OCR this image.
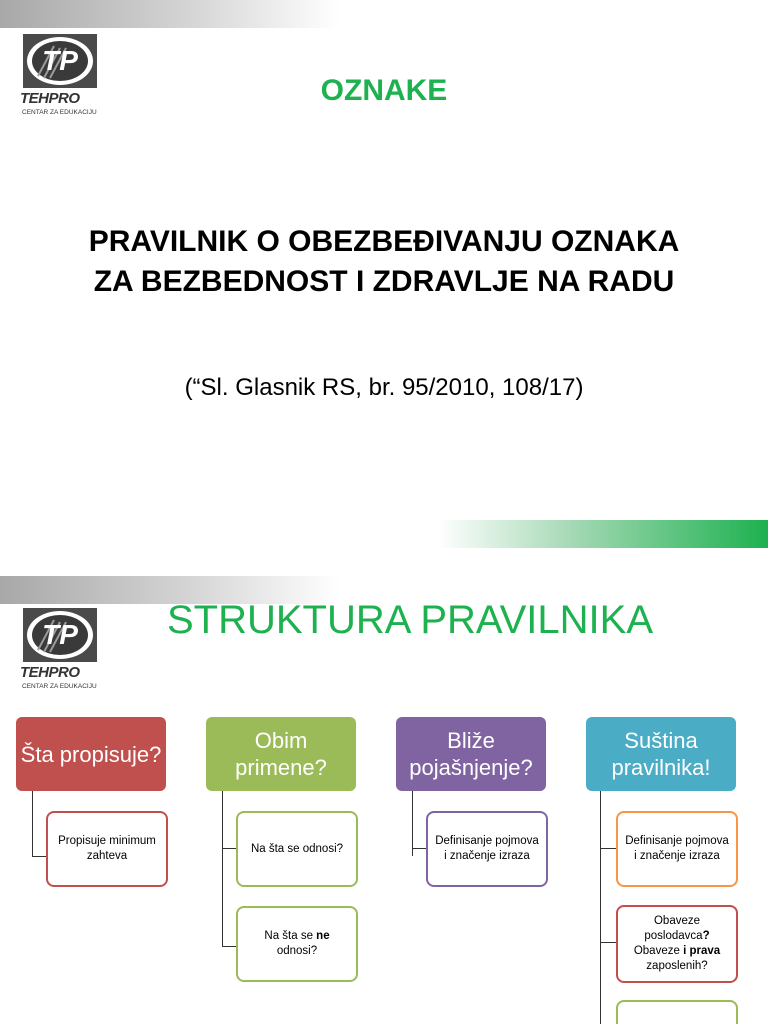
TP
TEHPRO
CENTAR ZA EDUKACIJU
OZNAKE
PRAVILNIK O OBEZBEĐIVANJU OZNAKA
ZA BEZBEDNOST I ZDRAVLJE NA RADU
(“Sl. Glasnik RS, br. 95/2010, 108/17)
TP
TEHPRO
CENTAR ZA EDUKACIJU
STRUKTURA PRAVILNIKA
Šta propisuje?
Propisuje minimum zahteva
Obim primene?
Na šta se odnosi?
Na šta se ne odnosi?
Bliže pojašnjenje?
Definisanje pojmova i značenje izraza
Suština pravilnika!
Definisanje pojmova i značenje izraza
Obaveze poslodavca?
Obaveze i prava
zaposlenih?
